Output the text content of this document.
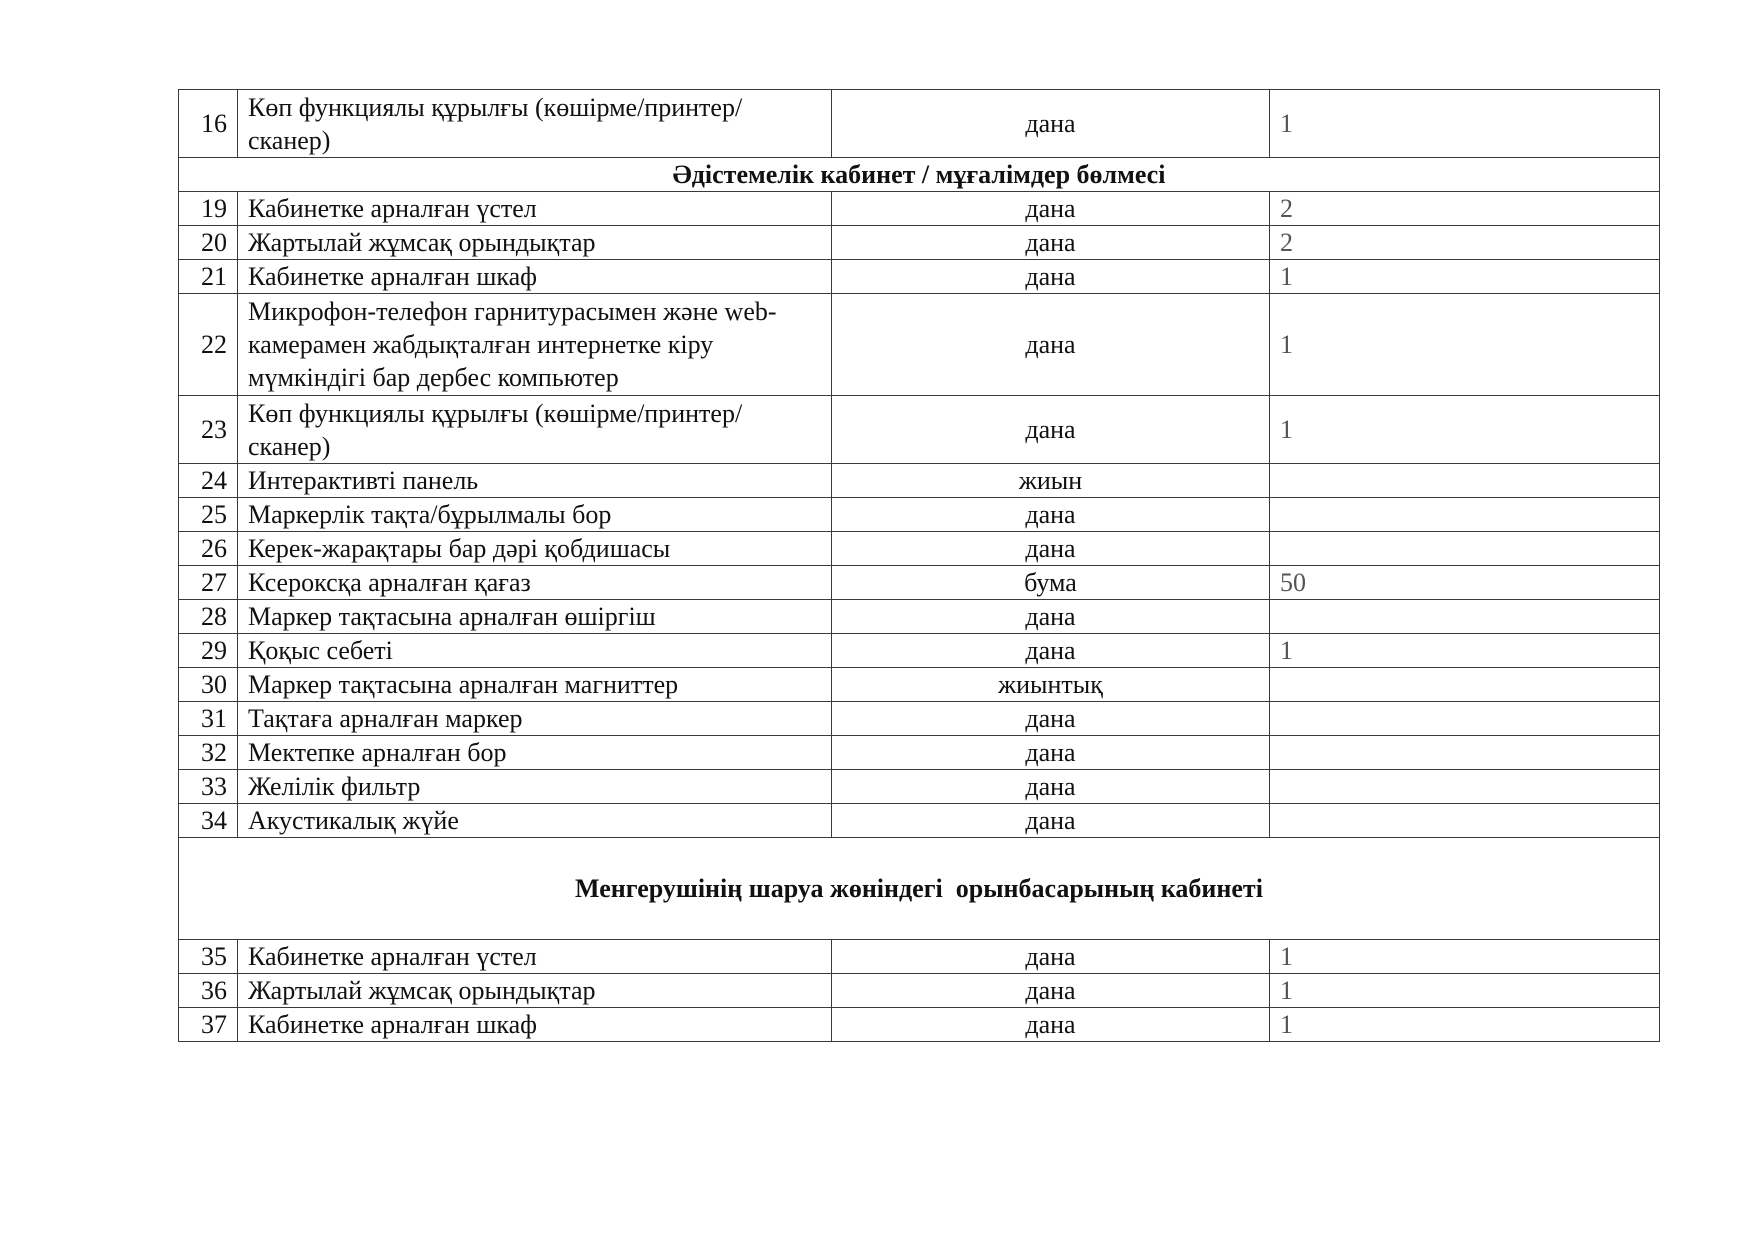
16	Көп функциялы құрылғы (көшірме/принтер/сканер)	дана	1
Әдістемелік кабинет / мұғалімдер бөлмесі			
19	Кабинетке арналған үстел	дана	2
20	Жартылай жұмсақ орындықтар	дана	2
21	Кабинетке арналған шкаф	дана	1
22	Микрофон-телефон гарнитурасымен және web-камерамен жабдықталған интернетке кіру мүмкіндігі бар дербес компьютер	дана	1
23	Көп функциялы құрылғы (көшірме/принтер/сканер)	дана	1
24	Интерактивті панель	жиын	
25	Маркерлік тақта/бұрылмалы бор	дана	
26	Керек-жарақтары бар дәрі қобдишасы	дана	
27	Ксероксқа арналған қағаз	бума	50
28	Маркер тақтасына арналған өшіргіш	дана	
29	Қоқыс себеті	дана	1
30	Маркер тақтасына арналған магниттер	жиынтық	
31	Тақтаға арналған маркер	дана	
32	Мектепке арналған бор	дана	
33	Желілік фильтр	дана	
34	Акустикалық жүйе	дана	
Менгерушінің шаруа жөніндегі  орынбасарының кабинеті			
35	Кабинетке арналған үстел	дана	1
36	Жартылай жұмсақ орындықтар	дана	1
37	Кабинетке арналған шкаф	дана	1
